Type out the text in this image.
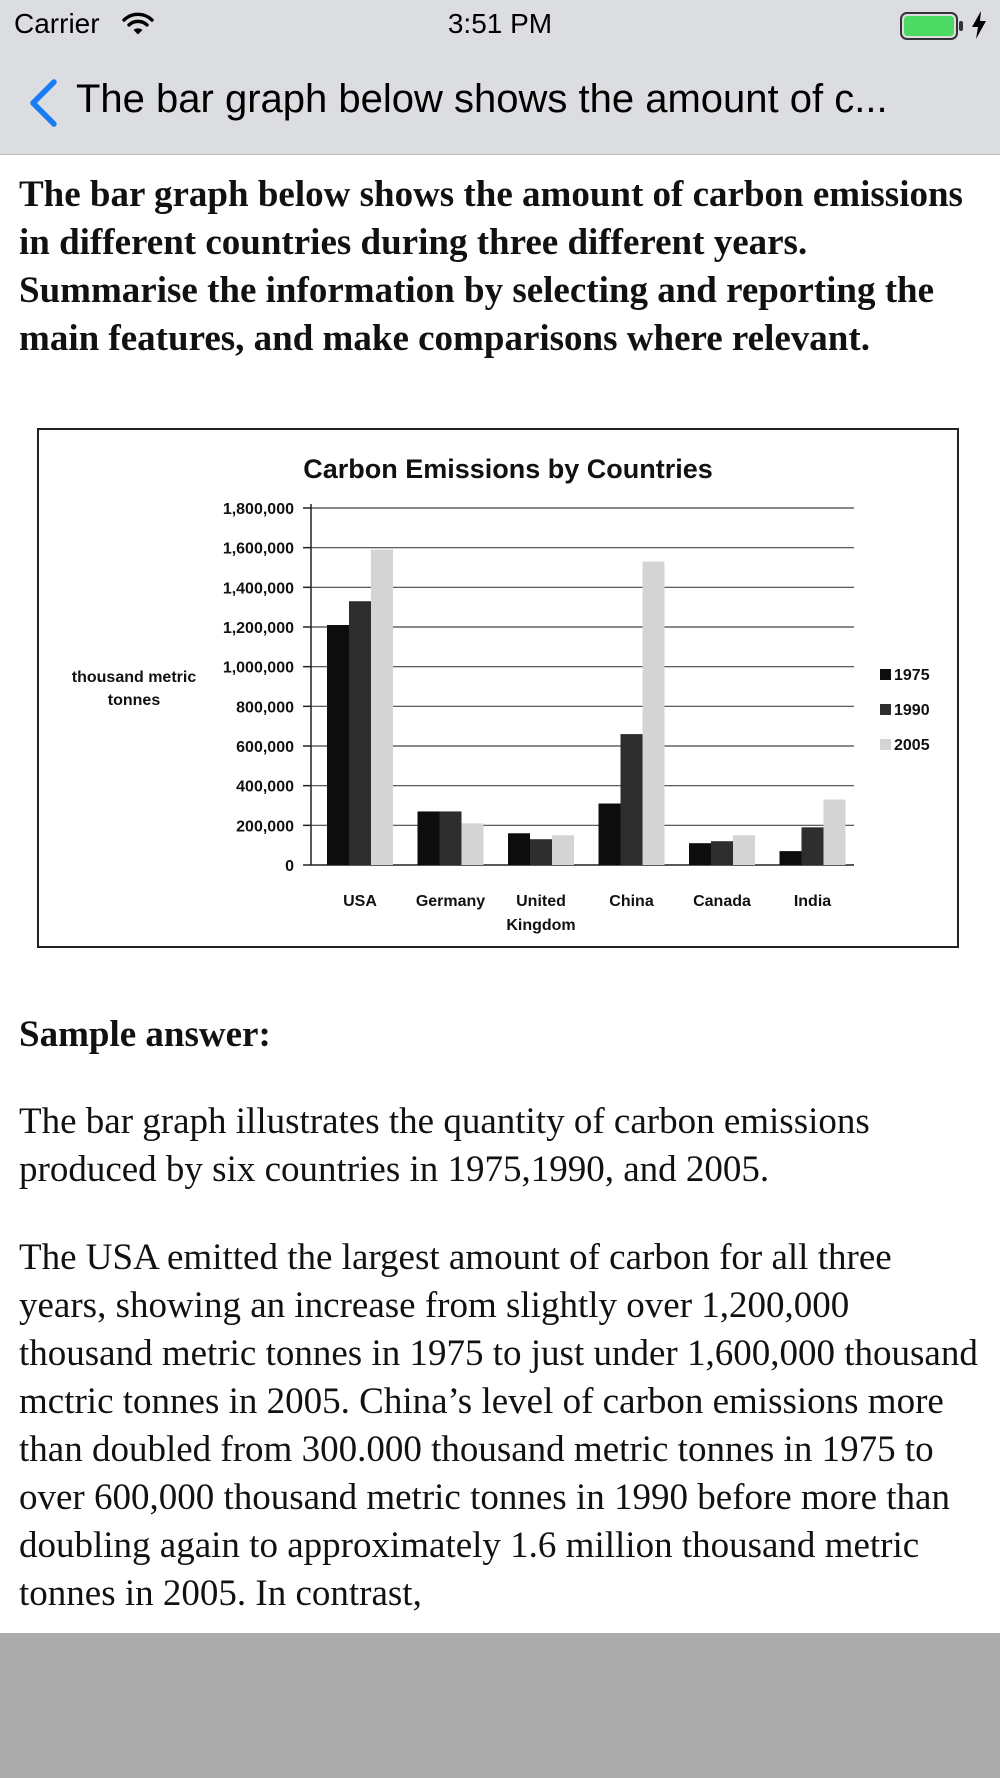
Carrier	3:51 PM
The bar graph below shows the amount of c...

The bar graph below shows the amount of carbon emissions in different countries during three different years. Summarise the information by selecting and reporting the main features, and make comparisons where relevant.

Carbon Emissions by Countries
1,800,000
1,600,000
1,400,000
1,200,000
1,000,000
800,000
600,000
400,000
200,000
0
thousand metric
tonnes
USA Germany United
Kingdom
China Canada	India
1975
1990
2005

Sample answer:

The bar graph illustrates the quantity of carbon emissions produced by six countries in 1975,1990, and 2005.

The USA emitted the largest amount of carbon for all three years, showing an increase from slightly over 1,200,000 thousand metric tonnes in 1975 to just under 1,600,000 thousand mctric tonnes in 2005. China’s level of carbon emissions more than doubled from 300.000 thousand metric tonnes in 1975 to over 600,000 thousand metric tonnes in 1990 before more than doubling again to approximately 1.6 million thousand metric tonnes in 2005. In contrast,
